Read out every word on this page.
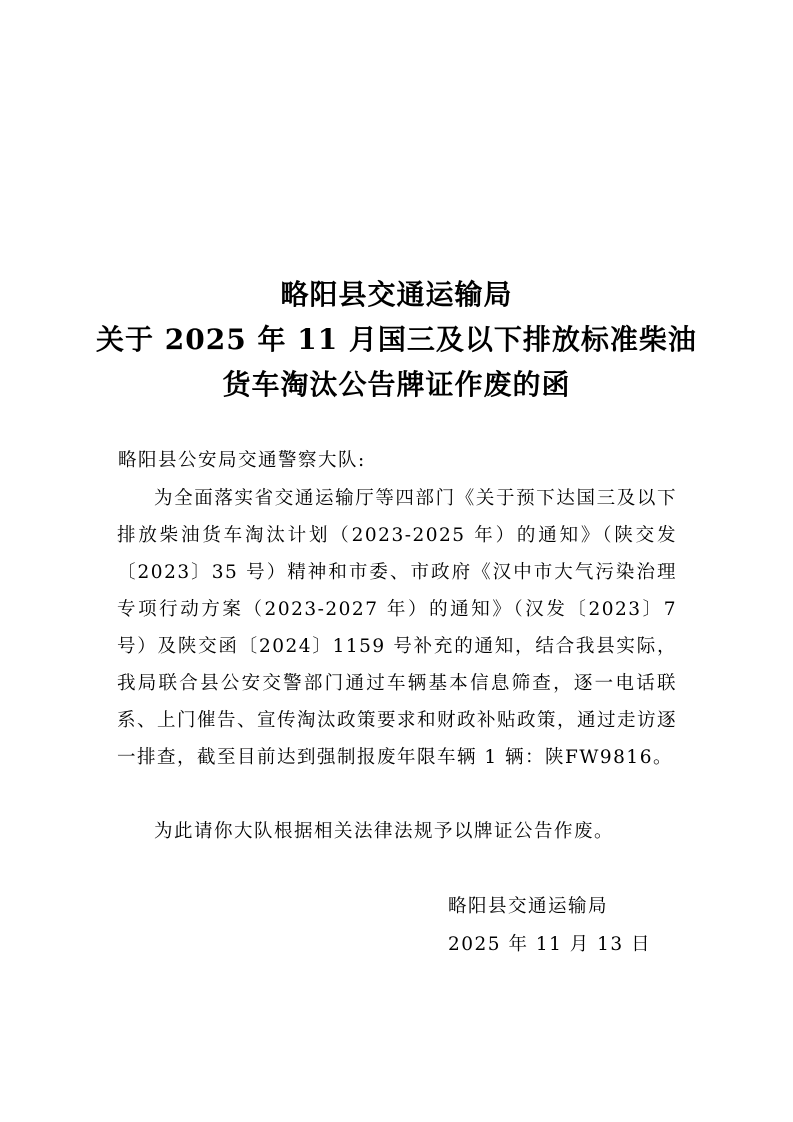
略阳县交通运输局
关于 2025 年 11 月国三及以下排放标准柴油
货车淘汰公告牌证作废的函
略阳县公安局交通警察大队:

为全面落实省交通运输厅等四部门《关于预下达国三及以下排放柴油货车淘汰计划（2023-2025 年）的通知》（陕交发〔2023〕35 号）精神和市委、市政府《汉中市大气污染治理专项行动方案（2023-2027 年）的通知》（汉发〔2023〕7 号）及陕交函〔2024〕1159 号补充的通知，结合我县实际，我局联合县公安交警部门通过车辆基本信息筛查，逐一电话联系、上门催告、宣传淘汰政策要求和财政补贴政策，通过走访逐一排查，截至目前达到强制报废年限车辆 1 辆：陕FW9816。

为此请你大队根据相关法律法规予以牌证公告作废。

略阳县交通运输局
2025 年 11 月 13 日
